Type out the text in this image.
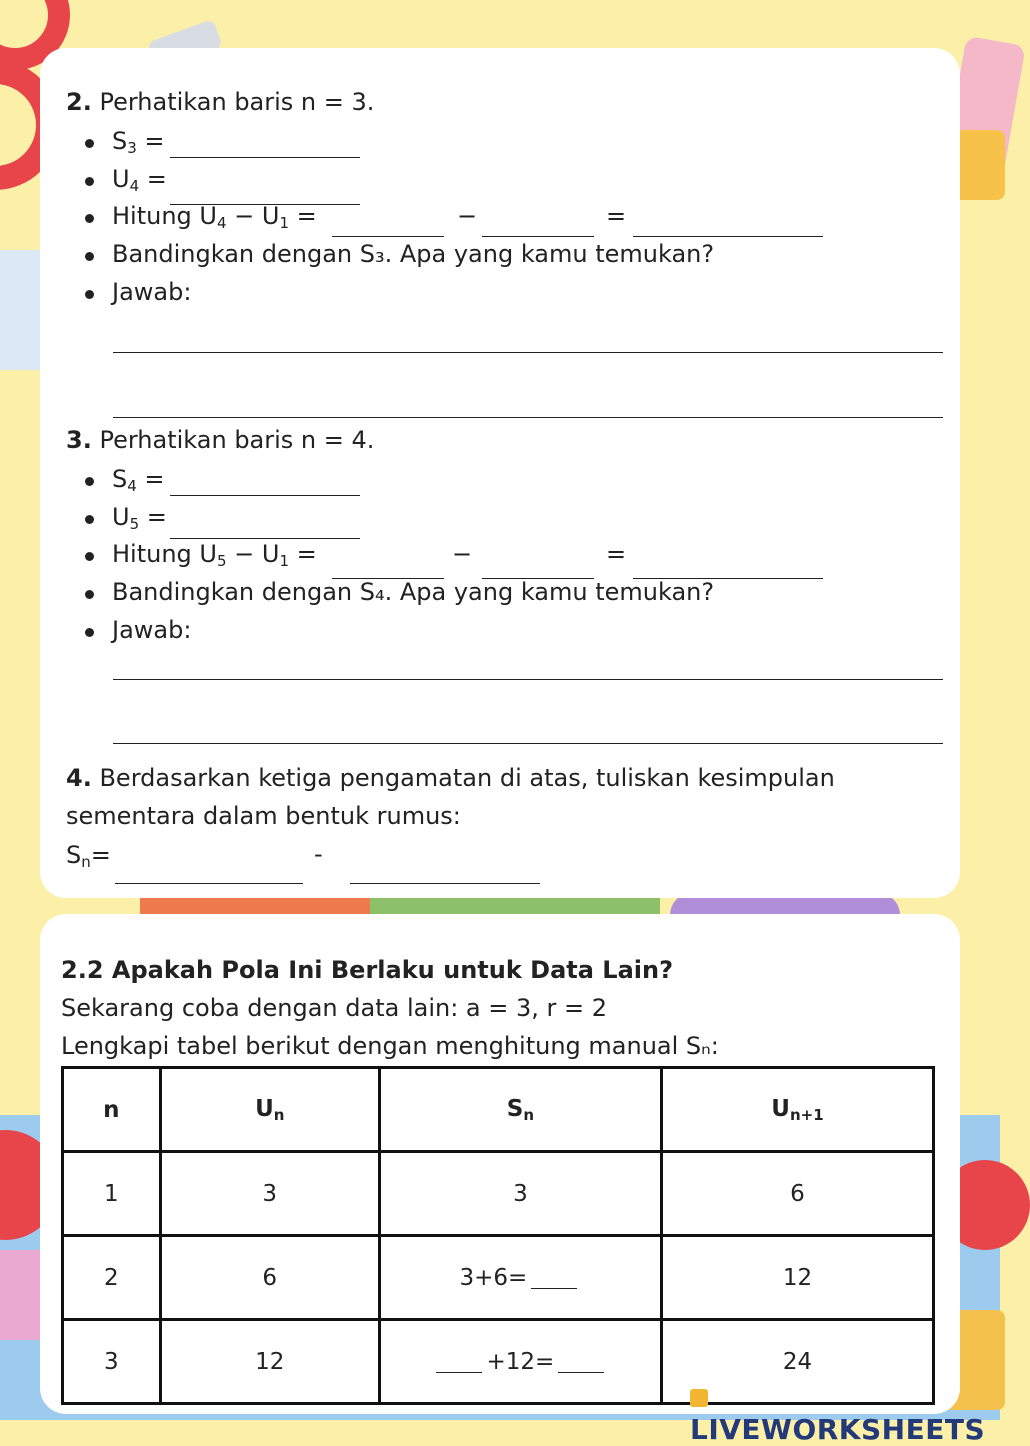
2. Perhatikan baris n = 3.
$S_3$ =
$U_4$ =
Hitung $U_4 - U_1$ =	−	=
Bandingkan dengan S₃. Apa yang kamu temukan?
Jawab:
3. Perhatikan baris n = 4.
$S_4$ =
$U_5$ =
Hitung $U_5 - U_1$ =	−	=
Bandingkan dengan S₄. Apa yang kamu temukan?
Jawab:
4. Berdasarkan ketiga pengamatan di atas, tuliskan kesimpulan
sementara dalam bentuk rumus:
$S_n=$	-
2.2 Apakah Pola Ini Berlaku untuk Data Lain?
Sekarang coba dengan data lain: a = 3, r = 2
Lengkapi tabel berikut dengan menghitung manual Sₙ:
n	$U_n$	$S_n$	$U_{n+1}$
1	3	3	6
2	6	3+6=	12
3	12	+12=	24
LIVEWORKSHEETS
